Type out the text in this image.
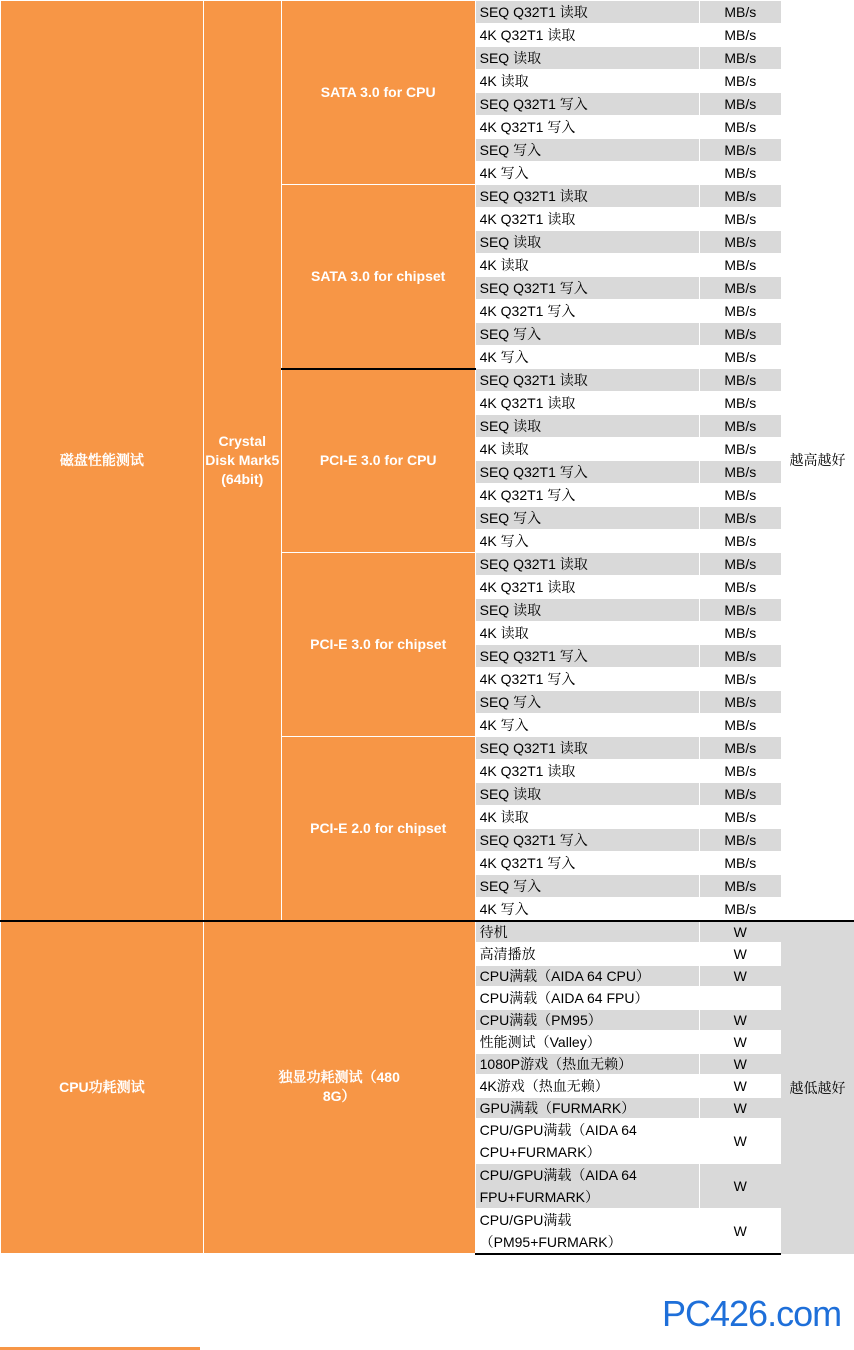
磁盘性能测试	Crystal Disk Mark5 (64bit)	SATA 3.0 for CPU	SEQ Q32T1 读取	MB/s	越高越好
			4K Q32T1 读取	MB/s	
			SEQ 读取	MB/s	
			4K 读取	MB/s	
			SEQ Q32T1 写入	MB/s	
			4K Q32T1 写入	MB/s	
			SEQ 写入	MB/s	
			4K 写入	MB/s	
		SATA 3.0 for chipset	SEQ Q32T1 读取	MB/s	
			4K Q32T1 读取	MB/s	
			SEQ 读取	MB/s	
			4K 读取	MB/s	
			SEQ Q32T1 写入	MB/s	
			4K Q32T1 写入	MB/s	
			SEQ 写入	MB/s	
			4K 写入	MB/s	
		PCI-E 3.0 for CPU	SEQ Q32T1 读取	MB/s	
			4K Q32T1 读取	MB/s	
			SEQ 读取	MB/s	
			4K 读取	MB/s	
			SEQ Q32T1 写入	MB/s	
			4K Q32T1 写入	MB/s	
			SEQ 写入	MB/s	
			4K 写入	MB/s	
		PCI-E 3.0 for chipset	SEQ Q32T1 读取	MB/s	
			4K Q32T1 读取	MB/s	
			SEQ 读取	MB/s	
			4K 读取	MB/s	
			SEQ Q32T1 写入	MB/s	
			4K Q32T1 写入	MB/s	
			SEQ 写入	MB/s	
			4K 写入	MB/s	
		PCI-E 2.0 for chipset	SEQ Q32T1 读取	MB/s	
			4K Q32T1 读取	MB/s	
			SEQ 读取	MB/s	
			4K 读取	MB/s	
			SEQ Q32T1 写入	MB/s	
			4K Q32T1 写入	MB/s	
			SEQ 写入	MB/s	
			4K 写入	MB/s	
CPU功耗测试	独显功耗测试（480 8G）		待机	W	越低越好
			高清播放	W	
			CPU满载（AIDA 64 CPU）	W	
			CPU满载（AIDA 64 FPU）		
			CPU满载（PM95）	W	
			性能测试（Valley）	W	
			1080P游戏（热血无赖）	W	
			4K游戏（热血无赖）	W	
			GPU满载（FURMARK）	W	
			CPU/GPU满载（AIDA 64 CPU+FURMARK）	W	
			CPU/GPU满载（AIDA 64 FPU+FURMARK）	W	
			CPU/GPU满载（PM95+FURMARK）	W	
PC426.com
